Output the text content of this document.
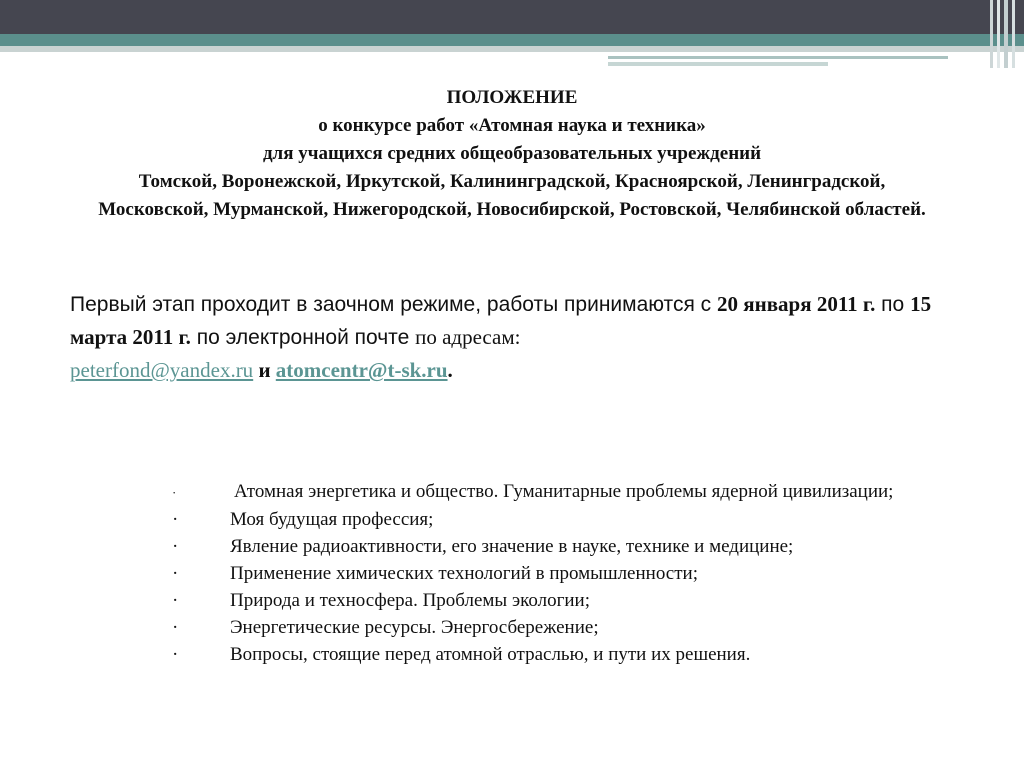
ПОЛОЖЕНИЕ
о конкурсе работ «Атомная наука и техника»
для учащихся средних общеобразовательных учреждений
Томской, Воронежской, Иркутской, Калининградской, Красноярской, Ленинградской,
Московской, Мурманской, Нижегородской, Новосибирской, Ростовской, Челябинской областей.
Первый этап проходит в заочном режиме, работы принимаются с 20 января 2011 г. по 15 марта 2011 г. по электронной почте по адресам:
peterfond@yandex.ru и atomcentr@t-sk.ru.
·	Атомная энергетика и общество. Гуманитарные проблемы ядерной цивилизации;
·	Моя будущая профессия;
·	Явление радиоактивности, его значение в науке, технике и медицине;
·	Применение химических технологий в промышленности;
·	Природа и техносфера. Проблемы экологии;
·	Энергетические ресурсы. Энергосбережение;
·	Вопросы, стоящие перед атомной отраслью, и пути их решения.
